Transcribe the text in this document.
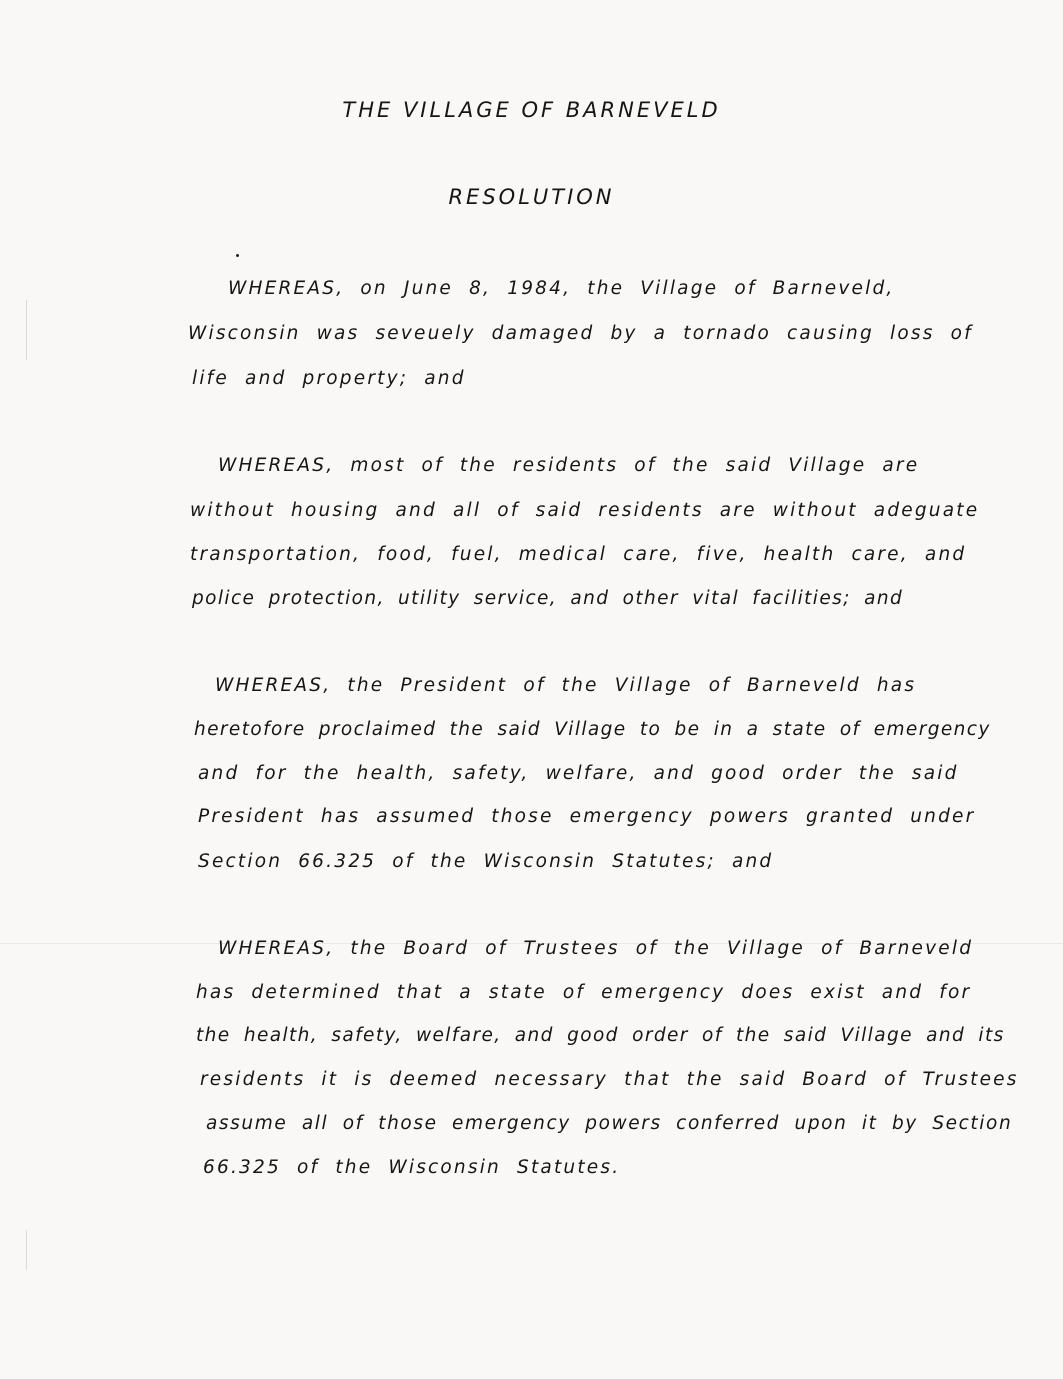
THE VILLAGE OF BARNEVELD
RESOLUTION
WHEREAS, on June 8, 1984, the Village of Barneveld,
Wisconsin was seveuely damaged by a tornado causing loss of
life and property; and
WHEREAS, most of the residents of the said Village are
without housing and all of said residents are without adeguate
transportation, food, fuel, medical care, five, health care, and
police protection, utility service, and other vital facilities; and
WHEREAS, the President of the Village of Barneveld has
heretofore proclaimed the said Village to be in a state of emergency
and for the health, safety, welfare, and good order the said
President has assumed those emergency powers granted under
Section 66.325 of the Wisconsin Statutes; and
WHEREAS, the Board of Trustees of the Village of Barneveld
has determined that a state of emergency does exist and for
the health, safety, welfare, and good order of the said Village and its
residents it is deemed necessary that the said Board of Trustees
assume all of those emergency powers conferred upon it by Section
66.325 of the Wisconsin Statutes.
